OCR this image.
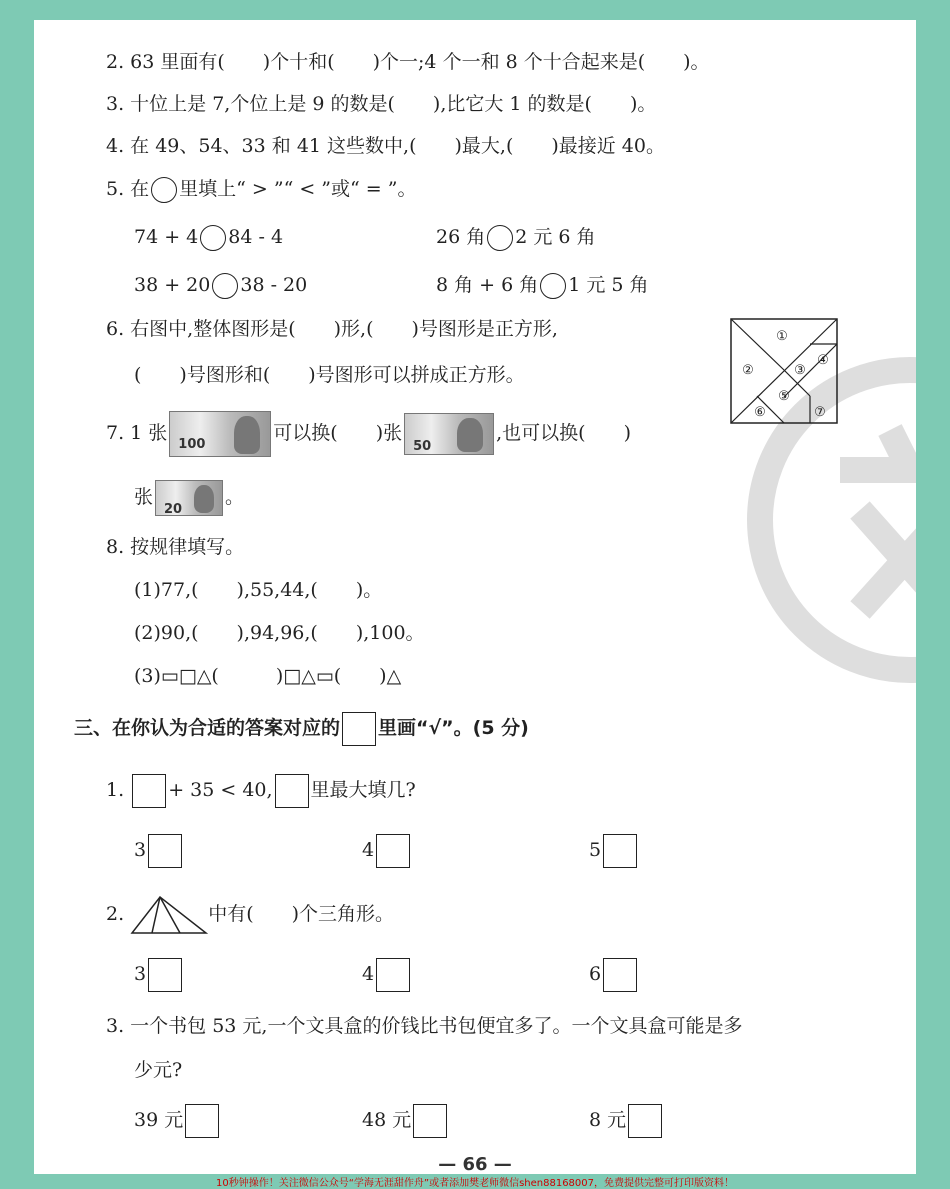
2. 63 里面有(　　)个十和(　　)个一;4 个一和 8 个十合起来是(　　)。
3. 十位上是 7,个位上是 9 的数是(　　),比它大 1 的数是(　　)。
4. 在 49、54、33 和 41 这些数中,(　　)最大,(　　)最接近 40。
5. 在 里填上“ > ”“ < ”或“ = ”。
74 + 4 84 - 4	26 角 2 元 6 角
38 + 20 38 - 20	8 角 + 6 角 1 元 5 角
6. 右图中,整体图形是(　　)形,(　　)号图形是正方形,
(　　)号图形和(　　)号图形可以拼成正方形。
①
②	③
④
⑤
⑥	⑦
7. 1 张
100
可以换(　　)张
50
,也可以换(　　)
张
20
。
8. 按规律填写。
(1)77,(　　),55,44,(　　)。
(2)90,(　　),94,96,(　　),100。
(3)▭□△(　　　)□△▭(　　)△
三、在你认为合适的答案对应的 里画“√”。(5 分)
1. + 35 < 40, 里最大填几?
3	4	5
2.	中有(　　)个三角形。
3	4	6
3. 一个书包 53 元,一个文具盒的价钱比书包便宜多了。一个文具盒可能是多
少元?
39 元	48 元	8 元
— 66 —
10秒钟操作！关注微信公众号“学海无涯甜作舟”或者添加樊老师微信shen88168007，免费提供完整可打印版资料！
